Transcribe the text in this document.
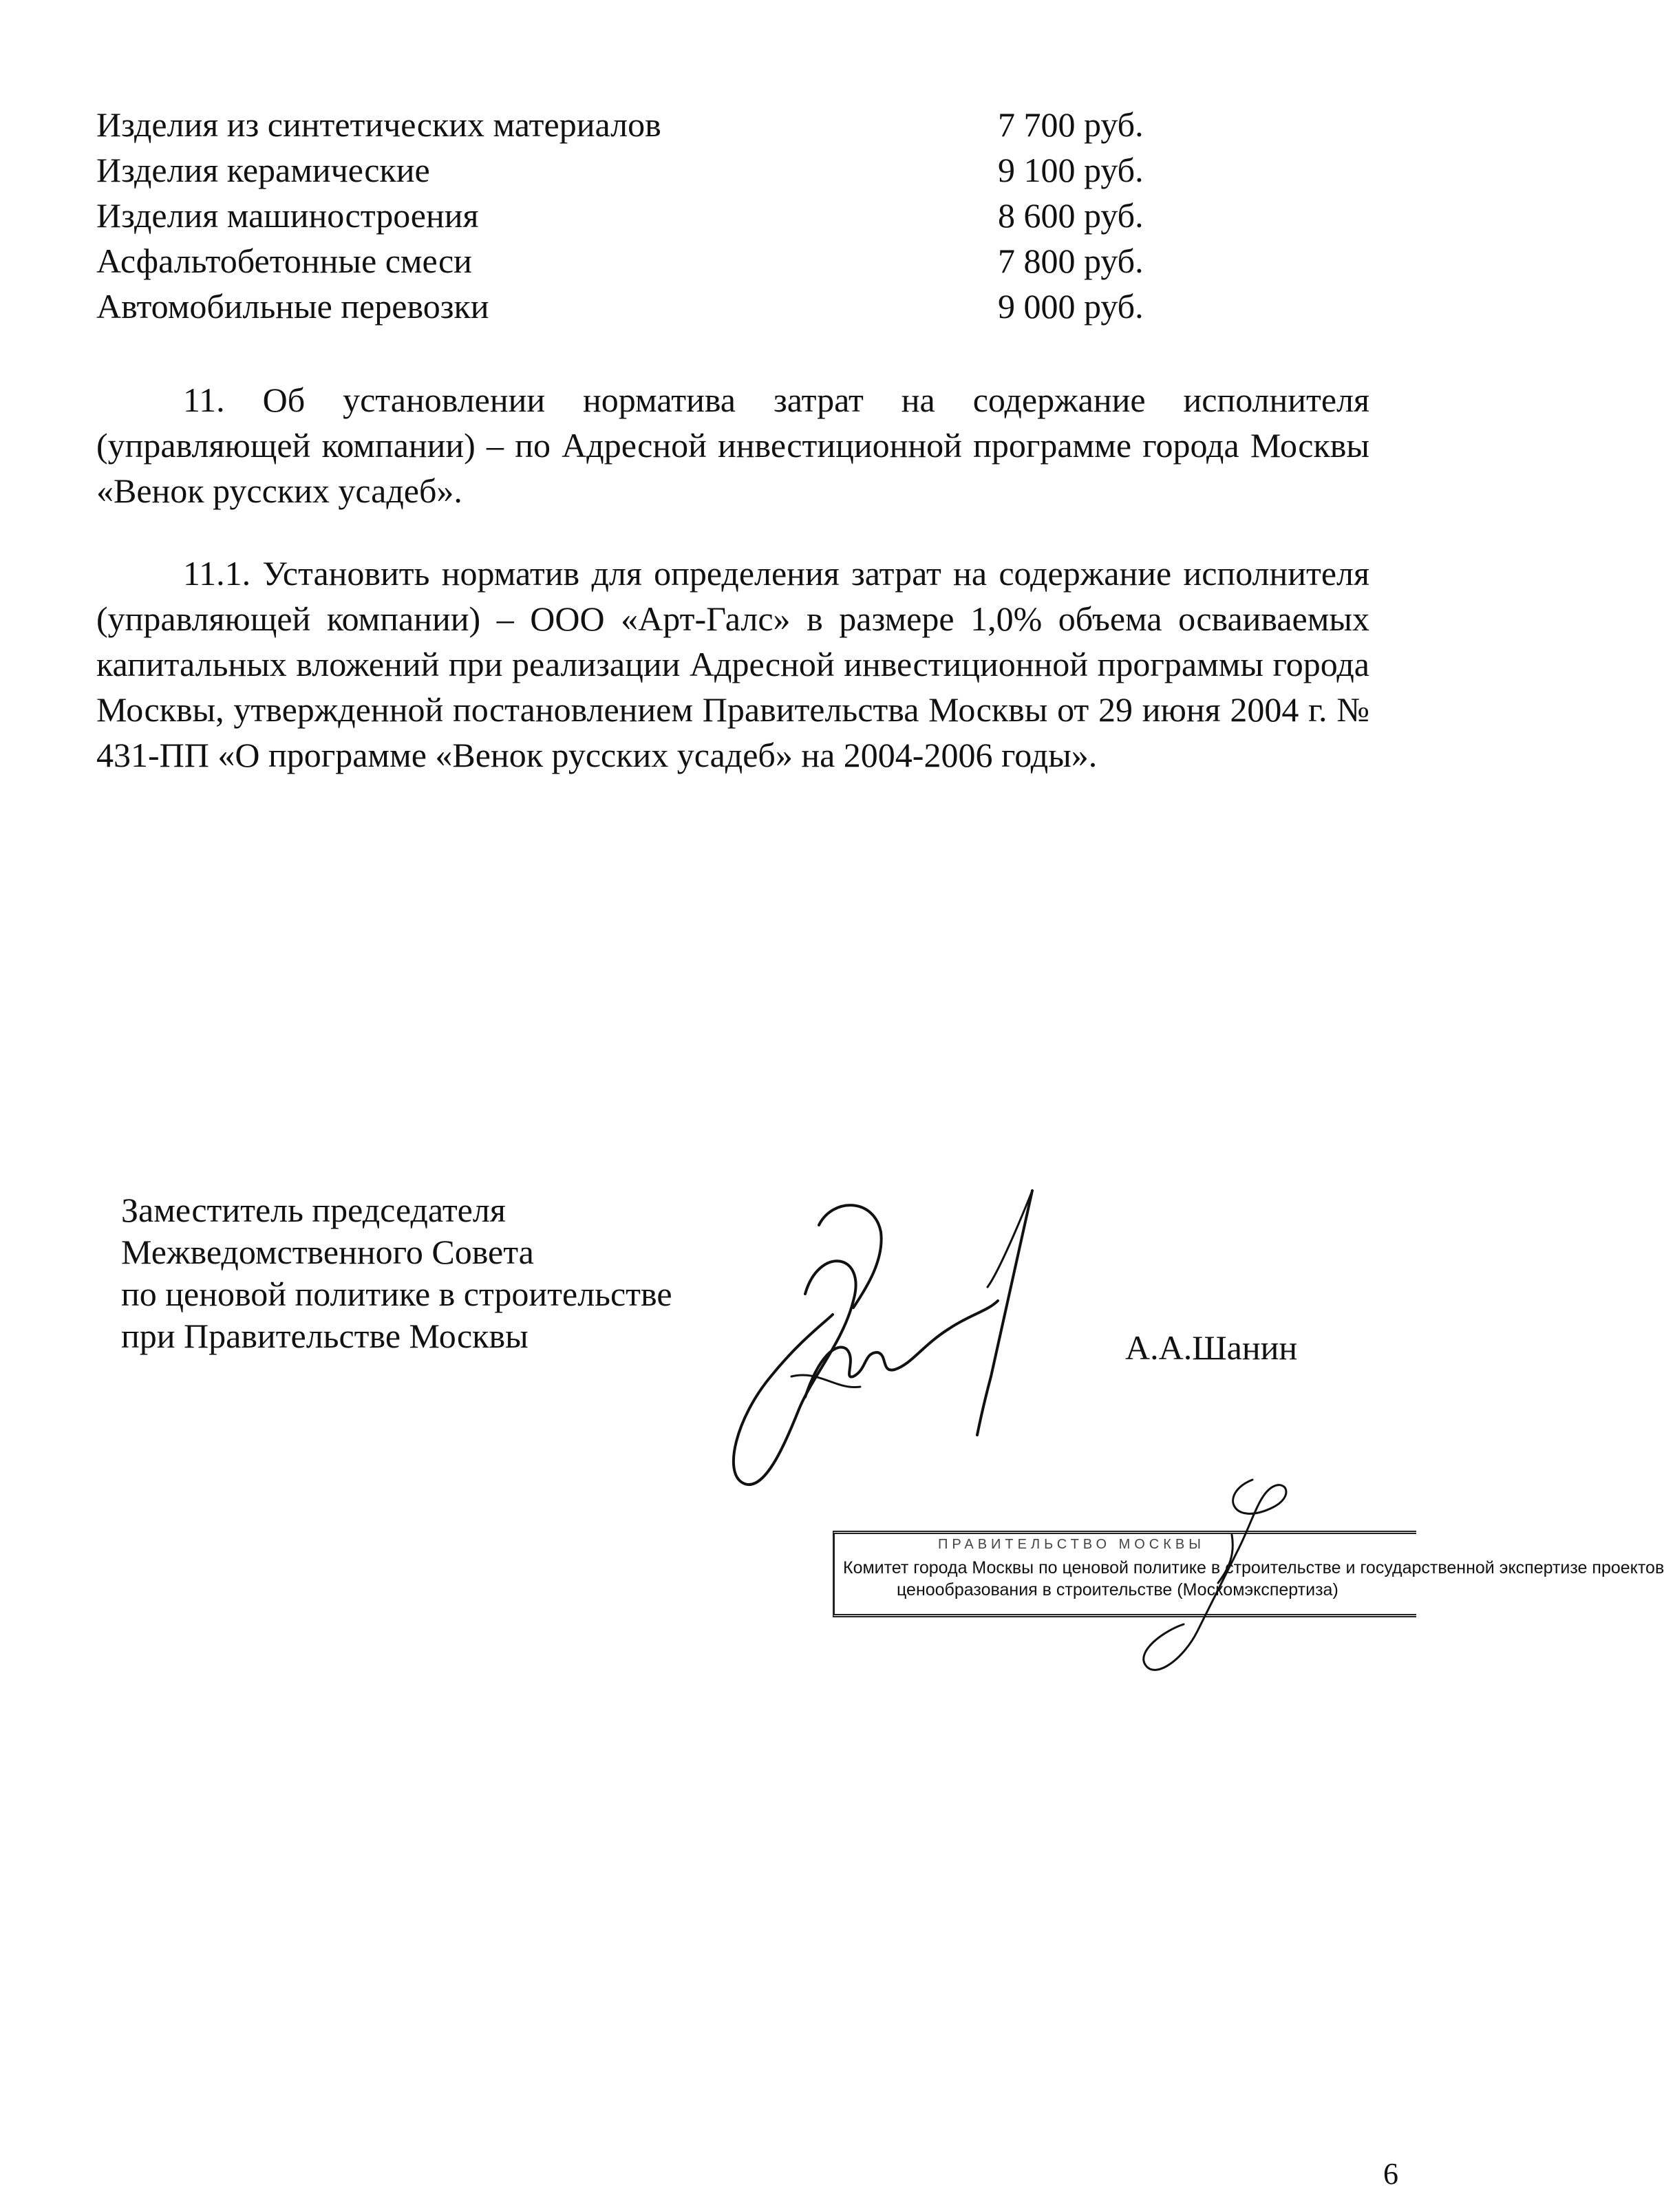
Изделия из синтетических материалов	7 700 руб.
Изделия керамические	9 100 руб.
Изделия машиностроения	8 600 руб.
Асфальтобетонные смеси	7 800 руб.
Автомобильные перевозки	9 000 руб.

11. Об установлении норматива затрат на содержание исполнителя (управляющей компании) – по Адресной инвестиционной программе города Москвы «Венок русских усадеб».

11.1. Установить норматив для определения затрат на содержание исполнителя (управляющей компании) – ООО «Арт-Галс» в размере 1,0% объема осваиваемых капитальных вложений при реализации Адресной инвестиционной программы города Москвы, утвержденной постановлением Правительства Москвы от 29 июня 2004 г. № 431-ПП «О программе «Венок русских усадеб» на 2004-2006 годы».

Заместитель председателя
Межведомственного Совета
по ценовой политике в строительстве
при Правительстве Москвы	А.А.Шанин
ПРАВИТЕЛЬСТВО МОСКВЫ
Комитет города Москвы по ценовой политике в строительстве и государственной экспертизе проектов
ценообразования в строительстве (Москомэкспертиза)
6
